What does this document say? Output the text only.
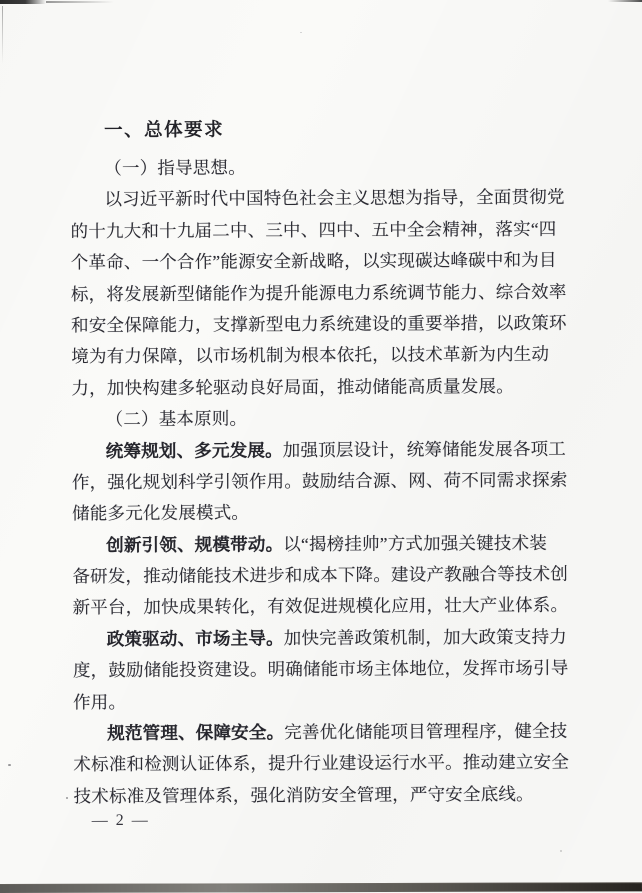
一、总体要求
（一）指导思想。
以习近平新时代中国特色社会主义思想为指导，全面贯彻党
的十九大和十九届二中、三中、四中、五中全会精神，落实“四
个革命、一个合作”能源安全新战略，以实现碳达峰碳中和为目
标，将发展新型储能作为提升能源电力系统调节能力、综合效率
和安全保障能力，支撑新型电力系统建设的重要举措，以政策环
境为有力保障，以市场机制为根本依托，以技术革新为内生动
力，加快构建多轮驱动良好局面，推动储能高质量发展。
（二）基本原则。
统筹规划、多元发展。加强顶层设计，统筹储能发展各项工
作，强化规划科学引领作用。鼓励结合源、网、荷不同需求探索
储能多元化发展模式。
创新引领、规模带动。以“揭榜挂帅”方式加强关键技术装
备研发，推动储能技术进步和成本下降。建设产教融合等技术创
新平台，加快成果转化，有效促进规模化应用，壮大产业体系。
政策驱动、市场主导。加快完善政策机制，加大政策支持力
度，鼓励储能投资建设。明确储能市场主体地位，发挥市场引导
作用。
规范管理、保障安全。完善优化储能项目管理程序，健全技
术标准和检测认证体系，提升行业建设运行水平。推动建立安全
技术标准及管理体系，强化消防安全管理，严守安全底线。
— 2 —
